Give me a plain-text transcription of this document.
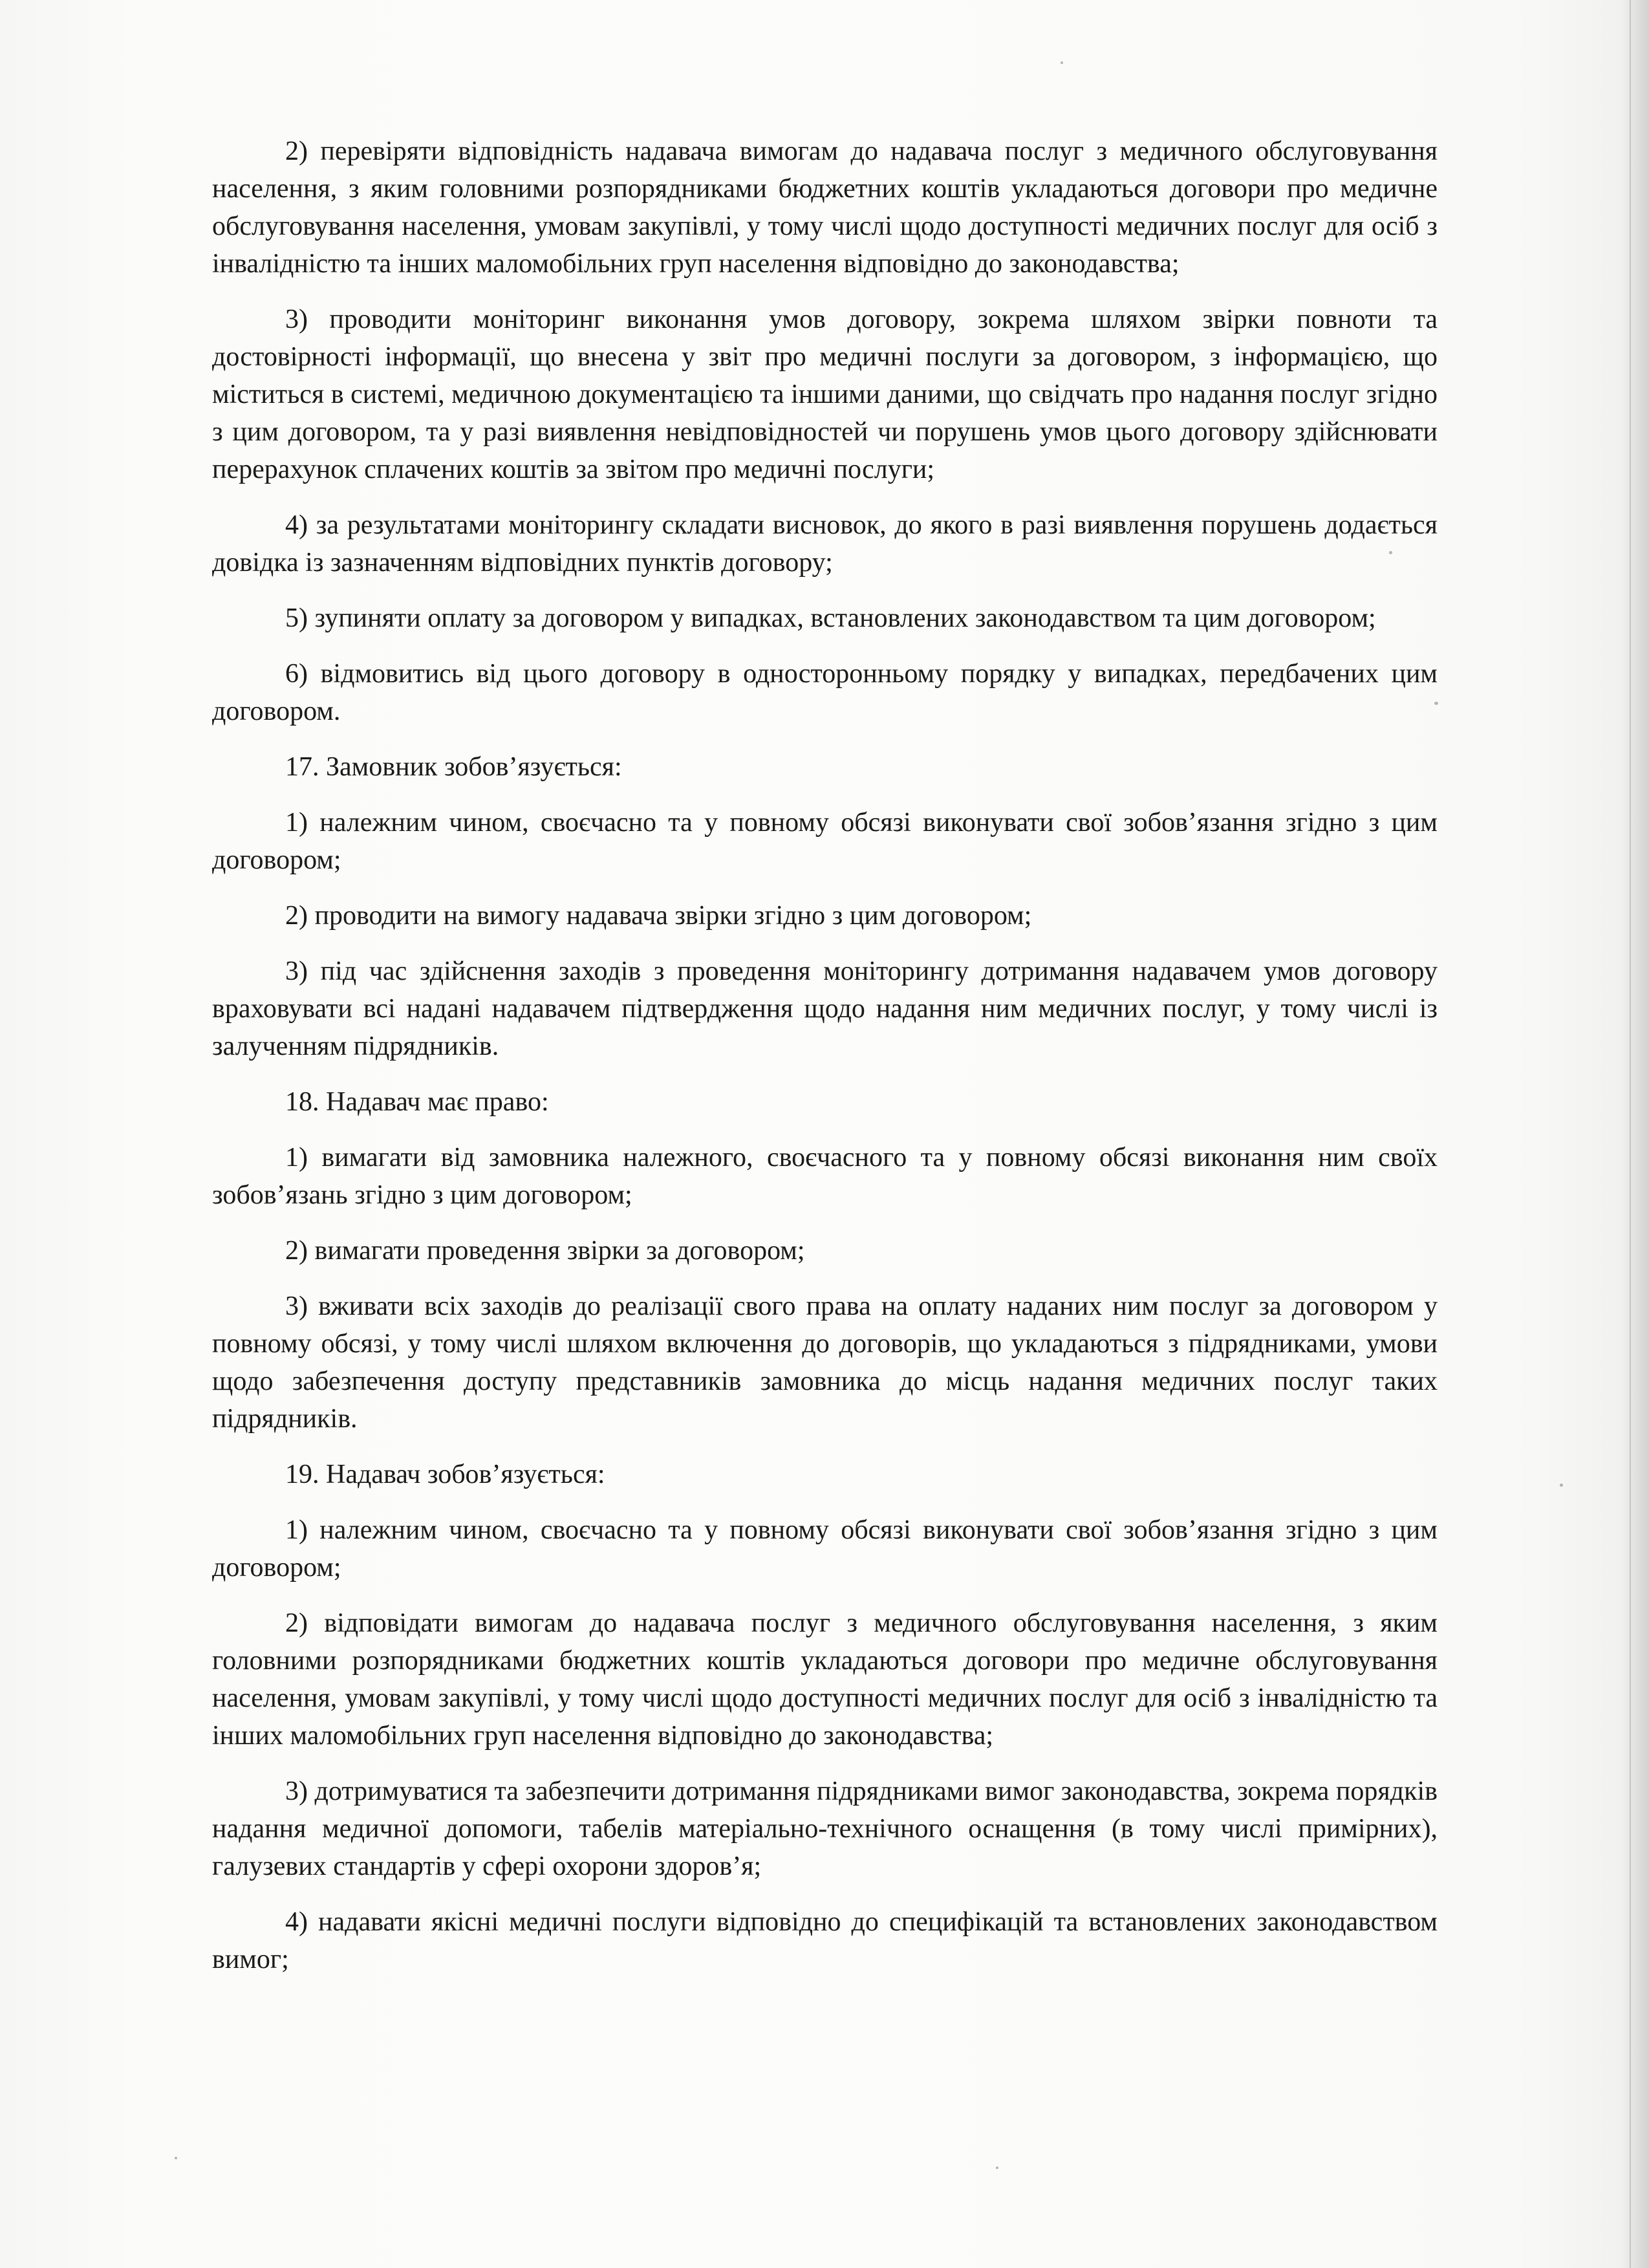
2) перевіряти відповідність надавача вимогам до надавача послуг з медичного обслуговування населення, з яким головними розпорядниками бюджетних коштів укладаються договори про медичне обслуговування населення, умовам закупівлі, у тому числі щодо доступності медичних послуг для осіб з інвалідністю та інших маломобільних груп населення відповідно до законодавства;

3) проводити моніторинг виконання умов договору, зокрема шляхом звірки повноти та достовірності інформації, що внесена у звіт про медичні послуги за договором, з інформацією, що міститься в системі, медичною документацією та іншими даними, що свідчать про надання послуг згідно з цим договором, та у разі виявлення невідповідностей чи порушень умов цього договору здійснювати перерахунок сплачених коштів за звітом про медичні послуги;

4) за результатами моніторингу складати висновок, до якого в разі виявлення порушень додається довідка із зазначенням відповідних пунктів договору;

5) зупиняти оплату за договором у випадках, встановлених законодавством та цим договором;

6) відмовитись від цього договору в односторонньому порядку у випадках, передбачених цим договором.

17. Замовник зобов’язується:

1) належним чином, своєчасно та у повному обсязі виконувати свої зобов’язання згідно з цим договором;

2) проводити на вимогу надавача звірки згідно з цим договором;

3) під час здійснення заходів з проведення моніторингу дотримання надавачем умов договору враховувати всі надані надавачем підтвердження щодо надання ним медичних послуг, у тому числі із залученням підрядників.

18. Надавач має право:

1) вимагати від замовника належного, своєчасного та у повному обсязі виконання ним своїх зобов’язань згідно з цим договором;

2) вимагати проведення звірки за договором;

3) вживати всіх заходів до реалізації свого права на оплату наданих ним послуг за договором у повному обсязі, у тому числі шляхом включення до договорів, що укладаються з підрядниками, умови щодо забезпечення доступу представників замовника до місць надання медичних послуг таких підрядників.

19. Надавач зобов’язується:

1) належним чином, своєчасно та у повному обсязі виконувати свої зобов’язання згідно з цим договором;

2) відповідати вимогам до надавача послуг з медичного обслуговування населення, з яким головними розпорядниками бюджетних коштів укладаються договори про медичне обслуговування населення, умовам закупівлі, у тому числі щодо доступності медичних послуг для осіб з інвалідністю та інших маломобільних груп населення відповідно до законодавства;

3) дотримуватися та забезпечити дотримання підрядниками вимог законодавства, зокрема порядків надання медичної допомоги, табелів матеріально-технічного оснащення (в тому числі примірних), галузевих стандартів у сфері охорони здоров’я;

4) надавати якісні медичні послуги відповідно до специфікацій та встановлених законодавством вимог;
